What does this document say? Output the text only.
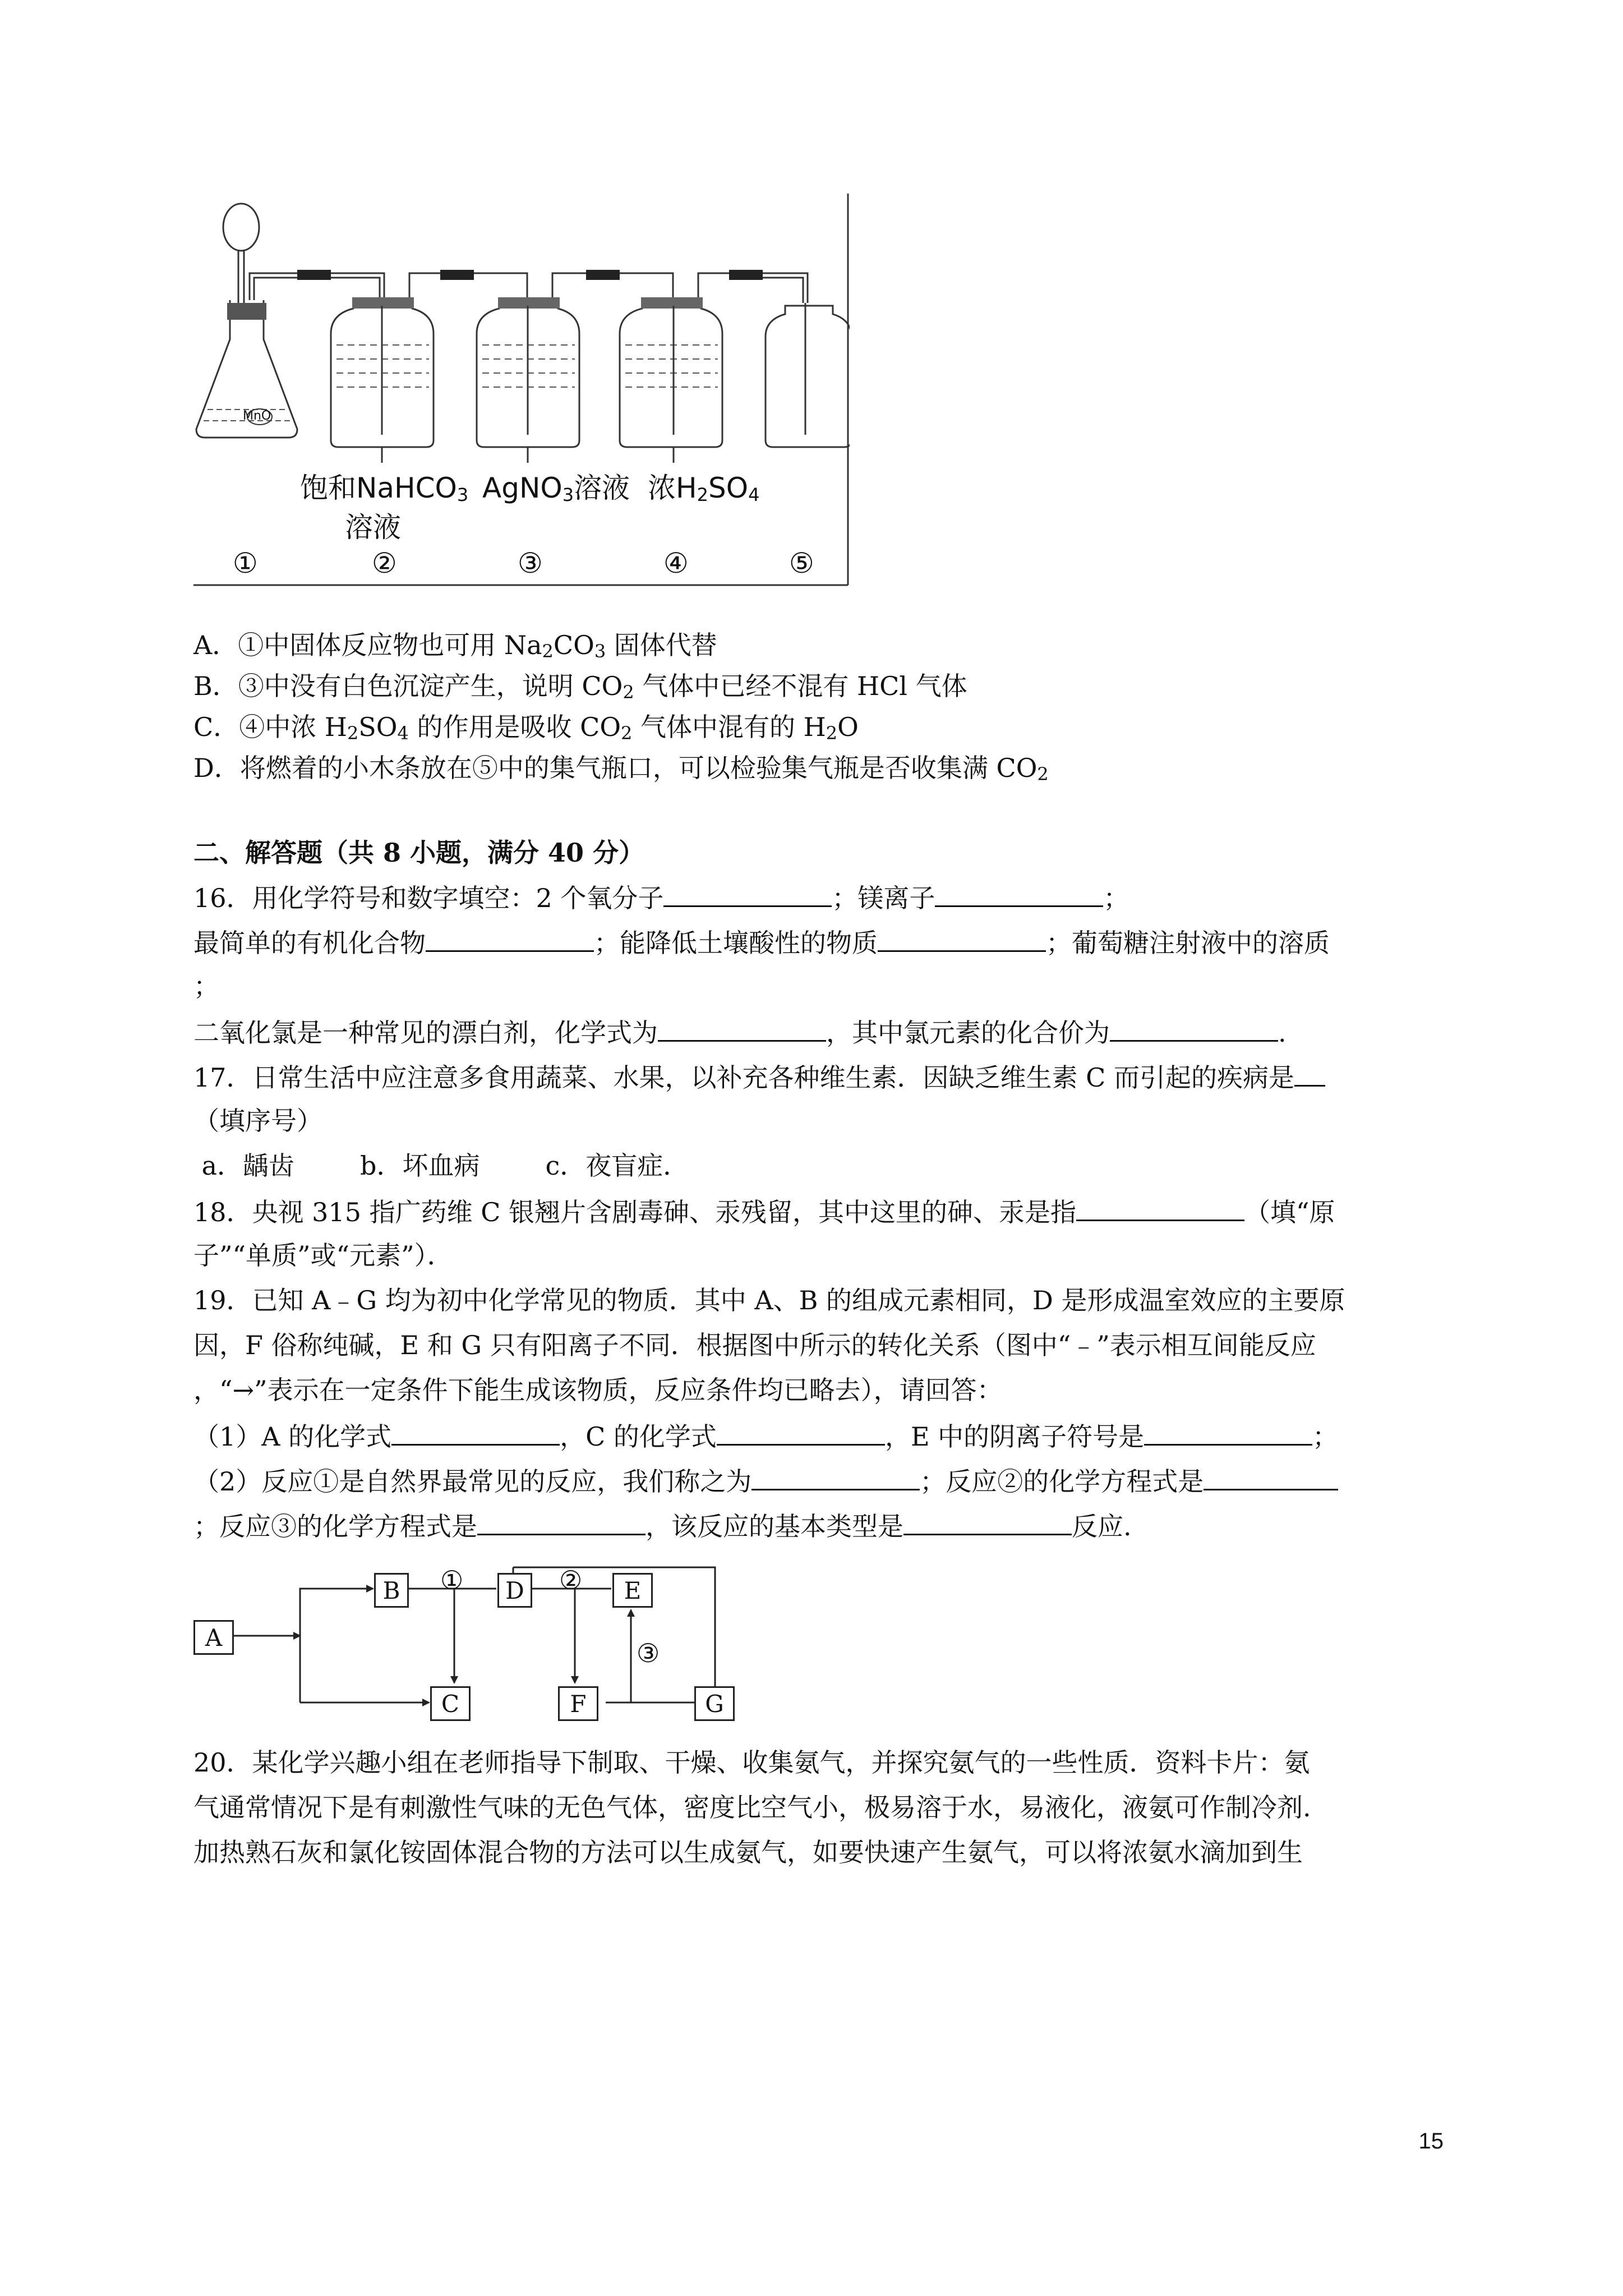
MnO
饱和NaHCO$_3$
溶液
AgNO$_3$溶液 浓$H_2SO_4$
①	②	③	④	⑤
A．①中固体反应物也可用 $Na_2CO_3$ 固体代替
B．③中没有白色沉淀产生，说明 $CO_2$ 气体中已经不混有 HCl 气体
C．④中浓 $H_2SO_4$ 的作用是吸收 $CO_2$ 气体中混有的 $H_2O$
D．将燃着的小木条放在⑤中的集气瓶口，可以检验集气瓶是否收集满 $CO_2$
二、解答题（共 8 小题，满分 40 分）
16．用化学符号和数字填空：2 个氧分子	；镁离子	；
最简单的有机化合物	；能降低土壤酸性的物质	；葡萄糖注射液中的溶质
；
二氧化氯是一种常见的漂白剂，化学式为	，其中氯元素的化合价为	.
17．日常生活中应注意多食用蔬菜、水果，以补充各种维生素．因缺乏维生素 C 而引起的疾病是
（填序号）
a．龋齿        b．坏血病        c．夜盲症．
18．央视 315 指广药维 C 银翘片含剧毒砷、汞残留，其中这里的砷、汞是指	（填“原
子”“单质”或“元素”）．
19．已知 A﹣G 均为初中化学常见的物质．其中 A、B 的组成元素相同，D 是形成温室效应的主要原
因，F 俗称纯碱，E 和 G 只有阳离子不同．根据图中所示的转化关系（图中“﹣”表示相互间能反应
，“→”表示在一定条件下能生成该物质，反应条件均已略去），请回答：
（1）A 的化学式	，C 的化学式	，E 中的阴离子符号是	；
（2）反应①是自然界最常见的反应，我们称之为	；反应②的化学方程式是
；反应③的化学方程式是	，该反应的基本类型是	反应.
A
B
C
D	E
F	G
①	②
③
20．某化学兴趣小组在老师指导下制取、干燥、收集氨气，并探究氨气的一些性质．资料卡片：氨
气通常情况下是有刺激性气味的无色气体，密度比空气小，极易溶于水，易液化，液氨可作制冷剂.
加热熟石灰和氯化铵固体混合物的方法可以生成氨气，如要快速产生氨气，可以将浓氨水滴加到生
15
